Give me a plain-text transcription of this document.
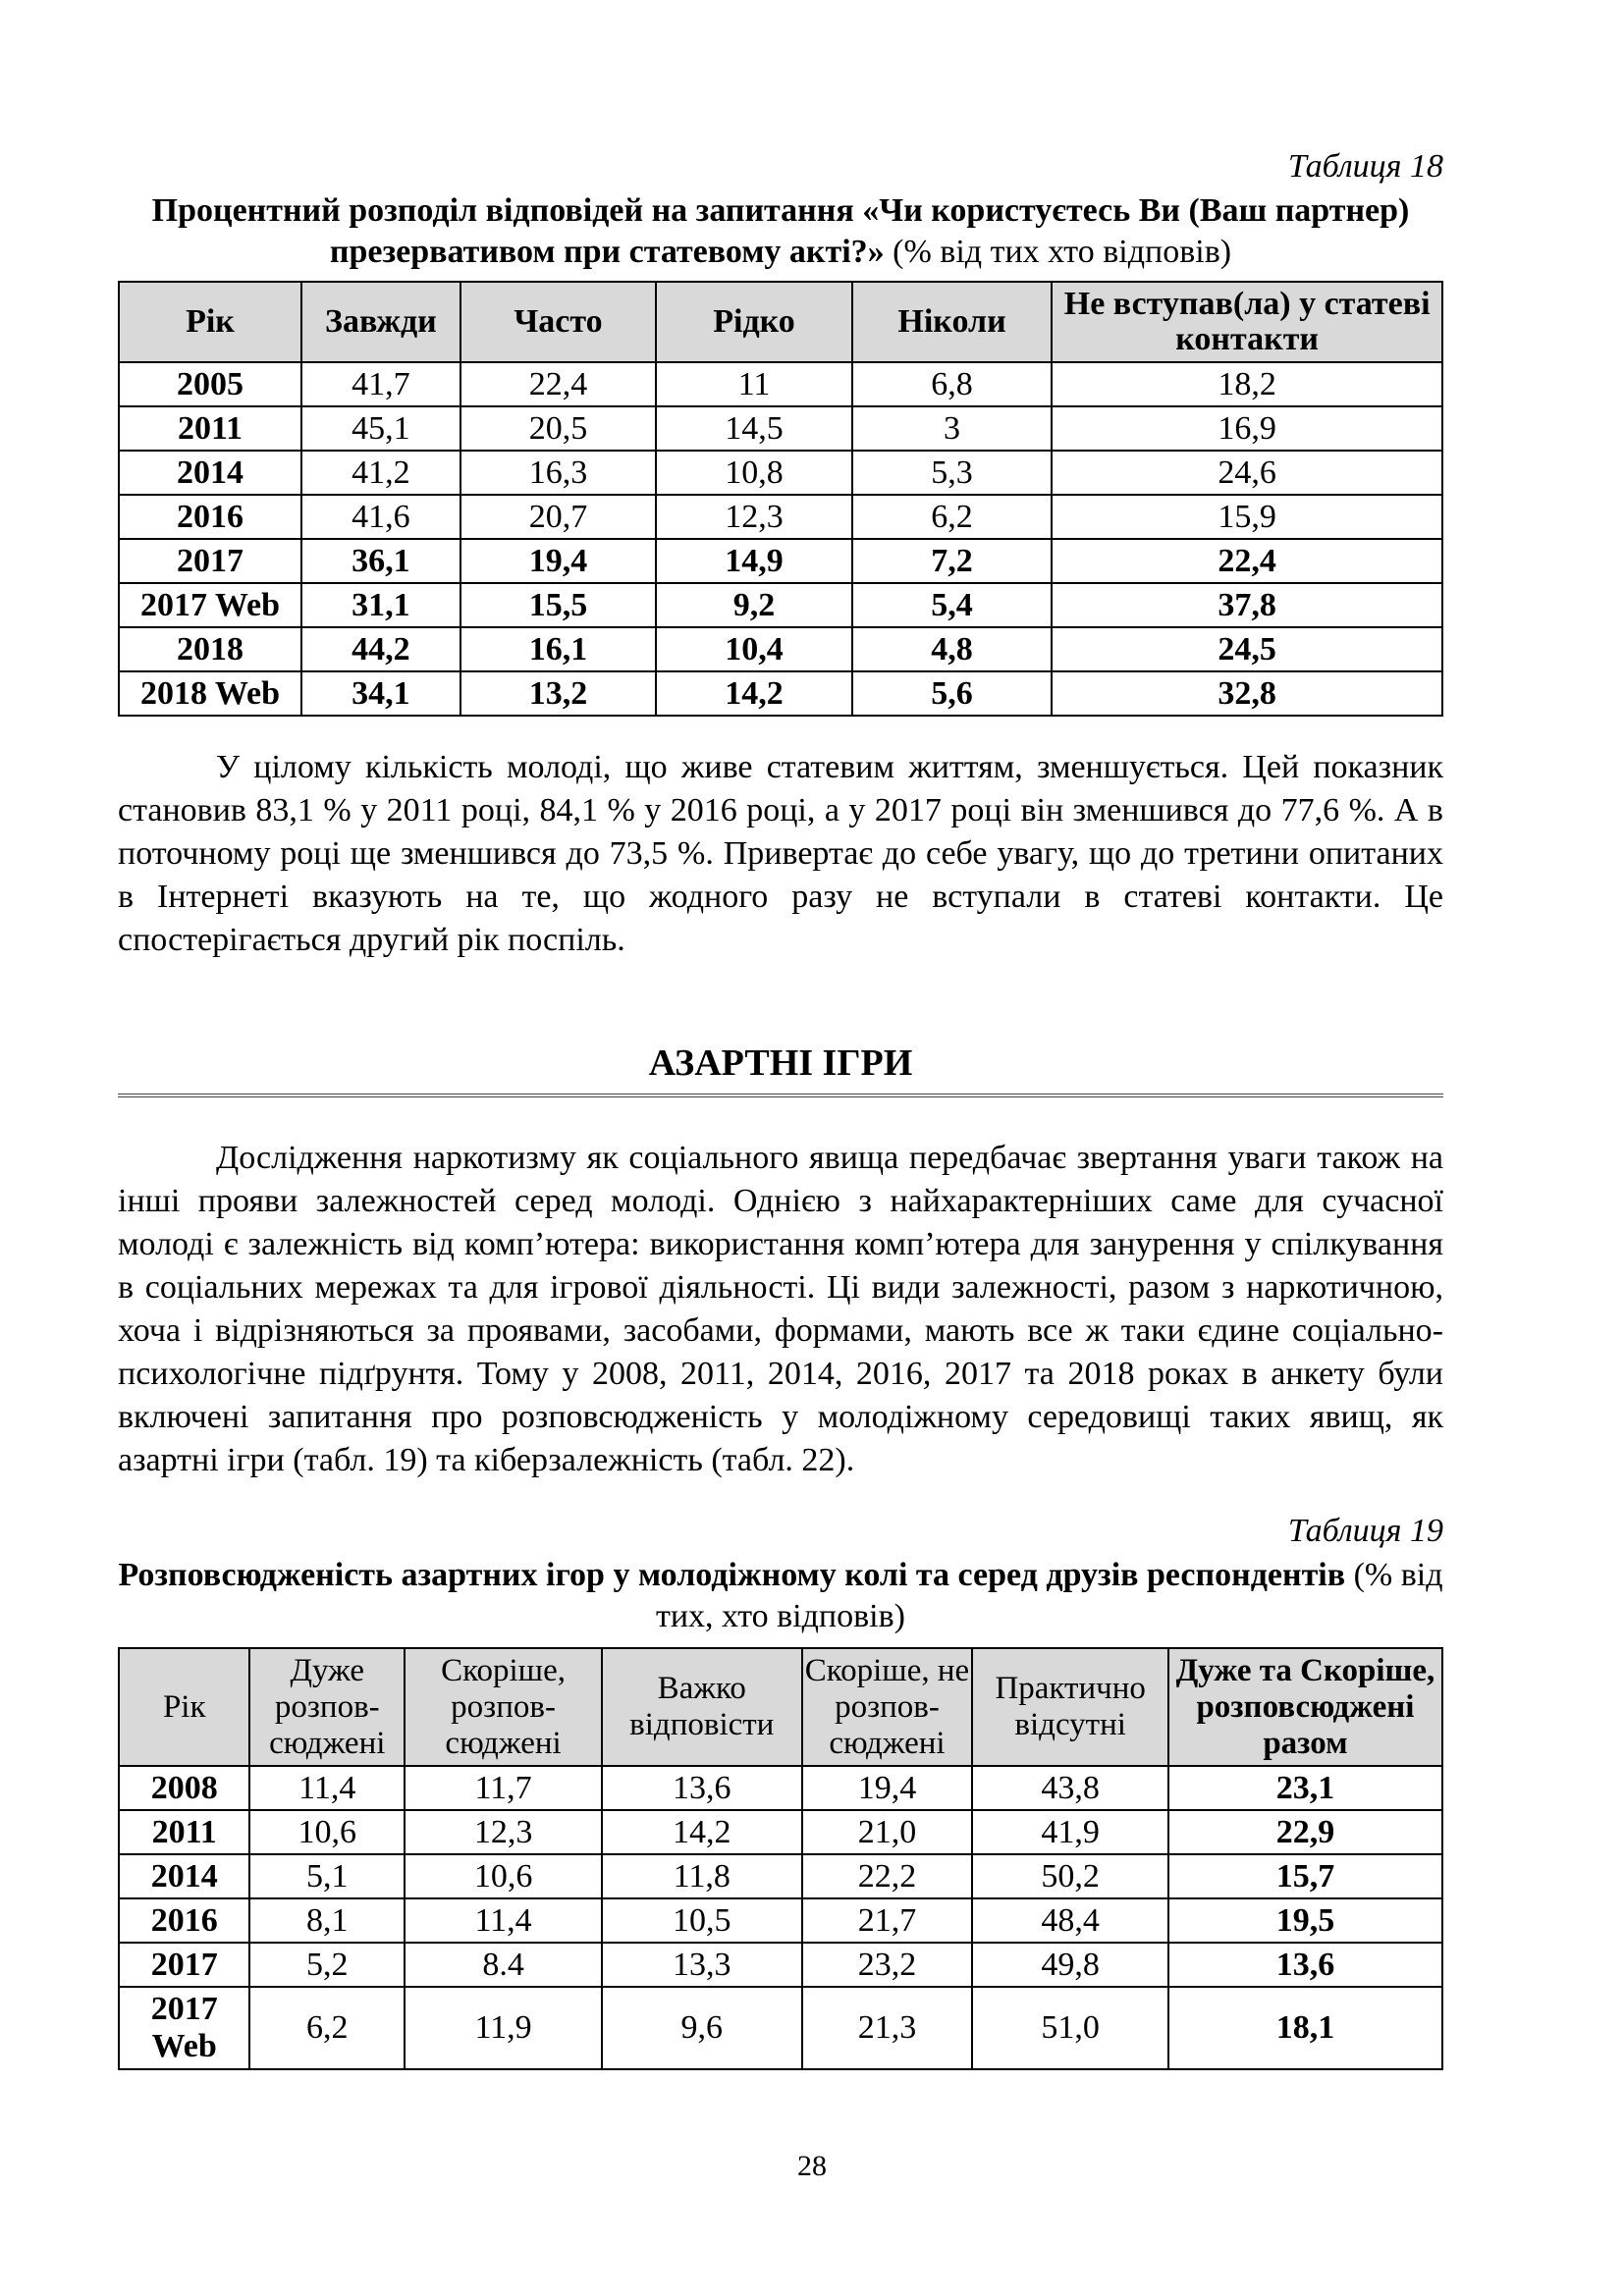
Таблиця 18
Процентний розподіл відповідей на запитання «Чи користуєтесь Ви (Ваш партнер) презервативом при статевому акті?» (% від тих хто відповів)
Рік	Завжди	Часто	Рідко	Ніколи	Не вступав(ла) у статеві контакти
2005	41,7	22,4	11	6,8	18,2
2011	45,1	20,5	14,5	3	16,9
2014	41,2	16,3	10,8	5,3	24,6
2016	41,6	20,7	12,3	6,2	15,9
2017	36,1	19,4	14,9	7,2	22,4
2017 Web	31,1	15,5	9,2	5,4	37,8
2018	44,2	16,1	10,4	4,8	24,5
2018 Web	34,1	13,2	14,2	5,6	32,8

У цілому кількість молоді, що живе статевим життям, зменшується. Цей показник становив 83,1 % у 2011 році, 84,1 % у 2016 році, а у 2017 році він зменшився до 77,6 %. А в поточному році ще зменшився до 73,5 %. Привертає до себе увагу, що до третини опитаних в Інтернеті вказують на те, що жодного разу не вступали в статеві контакти. Це спостерігається другий рік поспіль.

АЗАРТНІ ІГРИ

Дослідження наркотизму як соціального явища передбачає звертання уваги також на інші прояви залежностей серед молоді. Однією з найхарактерніших саме для сучасної молоді є залежність від комп’ютера: використання комп’ютера для занурення у спілкування в соціальних мережах та для ігрової діяльності. Ці види залежності, разом з наркотичною, хоча і відрізняються за проявами, засобами, формами, мають все ж таки єдине соціально-психологічне підґрунтя. Тому у 2008, 2011, 2014, 2016, 2017 та 2018 роках в анкету були включені запитання про розповсюдженість у молодіжному середовищі таких явищ, як азартні ігри (табл. 19) та кіберзалежність (табл. 22).

Таблиця 19
Розповсюдженість азартних ігор у молодіжному колі та серед друзів респондентів (% від тих, хто відповів)
Рік	Дуже розпов-сюджені	Скоріше, розпов-сюджені	Важко відповісти	Скоріше, не розпов-сюджені	Практично відсутні	Дуже та Скоріше, розповсюджені разом
2008	11,4	11,7	13,6	19,4	43,8	23,1
2011	10,6	12,3	14,2	21,0	41,9	22,9
2014	5,1	10,6	11,8	22,2	50,2	15,7
2016	8,1	11,4	10,5	21,7	48,4	19,5
2017	5,2	8.4	13,3	23,2	49,8	13,6
2017 Web	6,2	11,9	9,6	21,3	51,0	18,1
28
